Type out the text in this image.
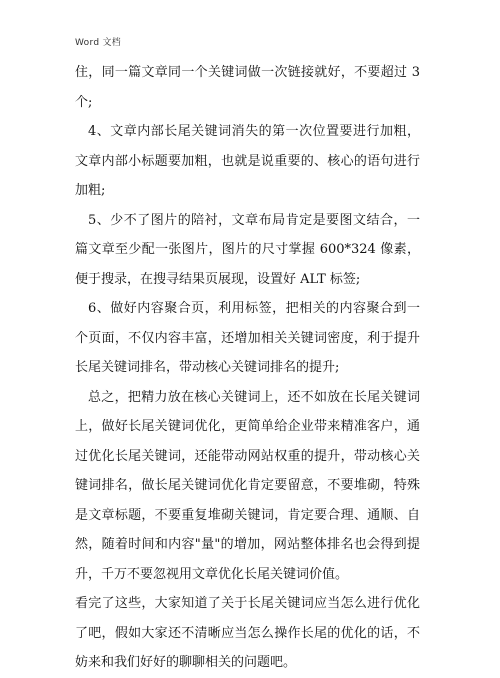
Word 文档

住，同一篇文章同一个关键词做一次链接就好，不要超过 3 个;

4、文章内部长尾关键词消失的第一次位置要进行加粗，文章内部小标题要加粗，也就是说重要的、核心的语句进行加粗;

5、少不了图片的陪衬，文章布局肯定是要图文结合，一篇文章至少配一张图片，图片的尺寸掌握 600*324 像素，便于搜录，在搜寻结果页展现，设置好 ALT 标签;

6、做好内容聚合页，利用标签，把相关的内容聚合到一个页面，不仅内容丰富，还增加相关关键词密度，利于提升长尾关键词排名，带动核心关键词排名的提升;

总之，把精力放在核心关键词上，还不如放在长尾关键词上，做好长尾关键词优化，更简单给企业带来精准客户，通过优化长尾关键词，还能带动网站权重的提升，带动核心关键词排名，做长尾关键词优化肯定要留意，不要堆砌，特殊是文章标题，不要重复堆砌关键词，肯定要合理、通顺、自然，随着时间和内容"量"的增加，网站整体排名也会得到提升，千万不要忽视用文章优化长尾关键词价值。

看完了这些，大家知道了关于长尾关键词应当怎么进行优化了吧，假如大家还不清晰应当怎么操作长尾的优化的话，不妨来和我们好好的聊聊相关的问题吧。
